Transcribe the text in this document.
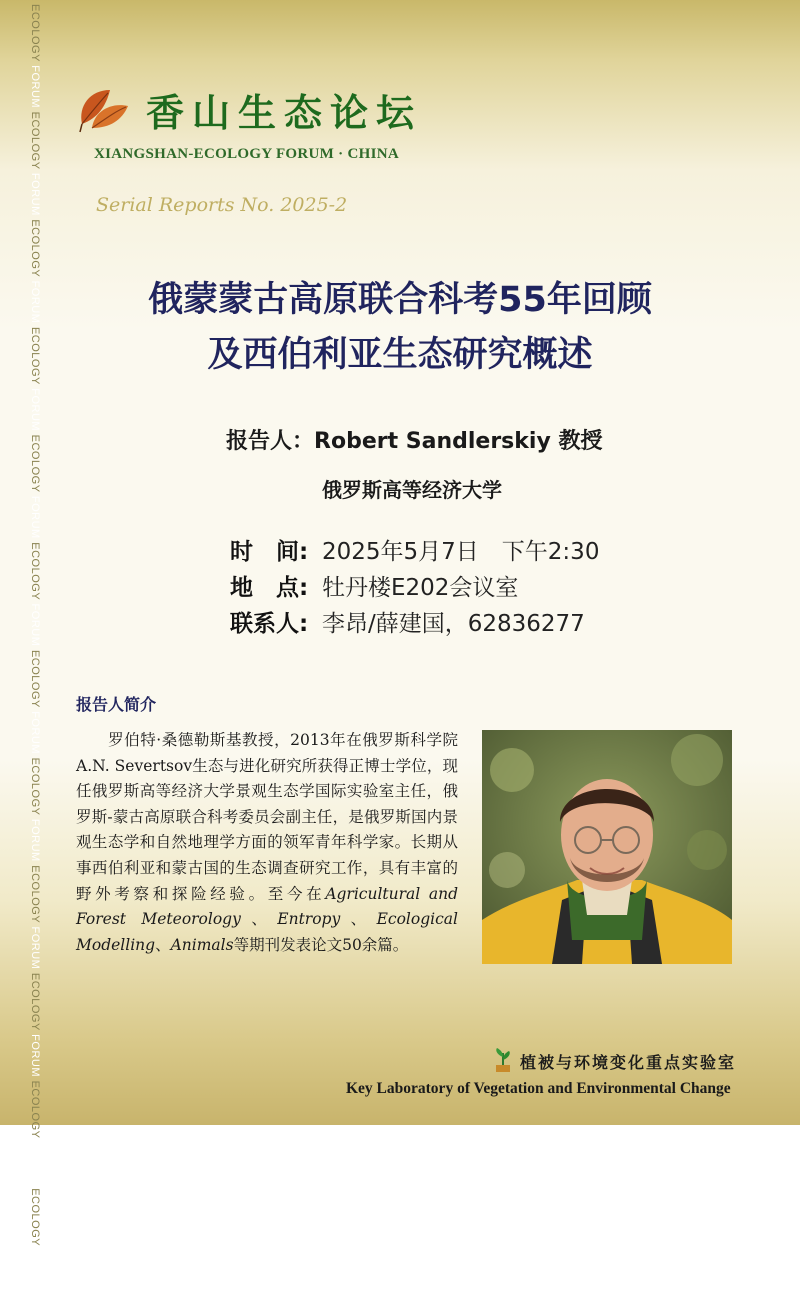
ECOLOGY FORUM ECOLOGY FORUM ECOLOGY FORUM ECOLOGY FORUM ECOLOGY FORUM ECOLOGY FORUM ECOLOGY FORUM ECOLOGY FORUM ECOLOGY FORUM ECOLOGY FORUM ECOLOGY FORUM ECOLOGY FORUM
香山生态论坛
XIANGSHAN-ECOLOGY FORUM · CHINA
Serial Reports No. 2025-2
俄蒙蒙古高原联合科考55年回顾
及西伯利亚生态研究概述
报告人：Robert Sandlerskiy 教授
俄罗斯高等经济大学
时　间: 2025年5月7日　下午2:30
地　点: 牡丹楼E202会议室
联系人: 李昂/薛建国，62836277
报告人简介
　　罗伯特·桑德勒斯基教授，2013年在俄罗斯科学院A.N. Severtsov生态与进化研究所获得正博士学位，现任俄罗斯高等经济大学景观生态学国际实验室主任，俄罗斯-蒙古高原联合科考委员会副主任，是俄罗斯国内景观生态学和自然地理学方面的领军青年科学家。长期从事西伯利亚和蒙古国的生态调查研究工作，具有丰富的野外考察和探险经验。至今在Agricultural and Forest Meteorology、Entropy、Ecological Modelling、Animals等期刊发表论文50余篇。
植被与环境变化重点实验室
Key Laboratory of Vegetation and Environmental Change
